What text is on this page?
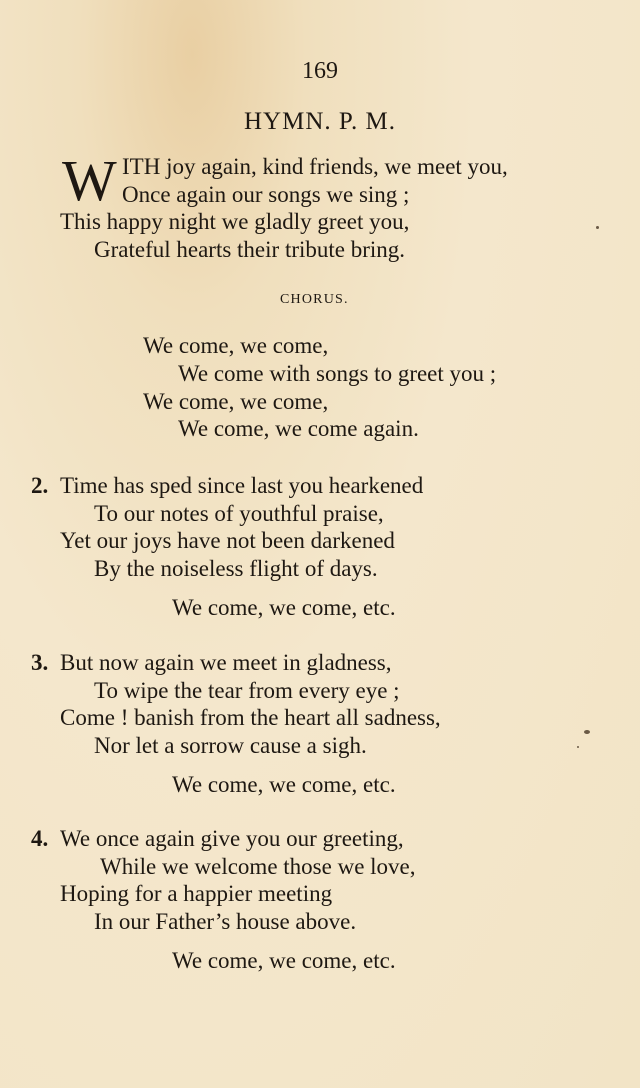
169
HYMN. P. M.
W ITH joy again, kind friends, we meet you,
Once again our songs we sing ;
This happy night we gladly greet you,
Grateful hearts their tribute bring.
CHORUS.
We come, we come,
We come with songs to greet you ;
We come, we come,
We come, we come again.
2. Time has sped since last you hearkened
To our notes of youthful praise,
Yet our joys have not been darkened
By the noiseless flight of days.
We come, we come, etc.
3. But now again we meet in gladness,
To wipe the tear from every eye ;
Come ! banish from the heart all sadness,
Nor let a sorrow cause a sigh.
We come, we come, etc.
4. We once again give you our greeting,
While we welcome those we love,
Hoping for a happier meeting
In our Father’s house above.
We come, we come, etc.
